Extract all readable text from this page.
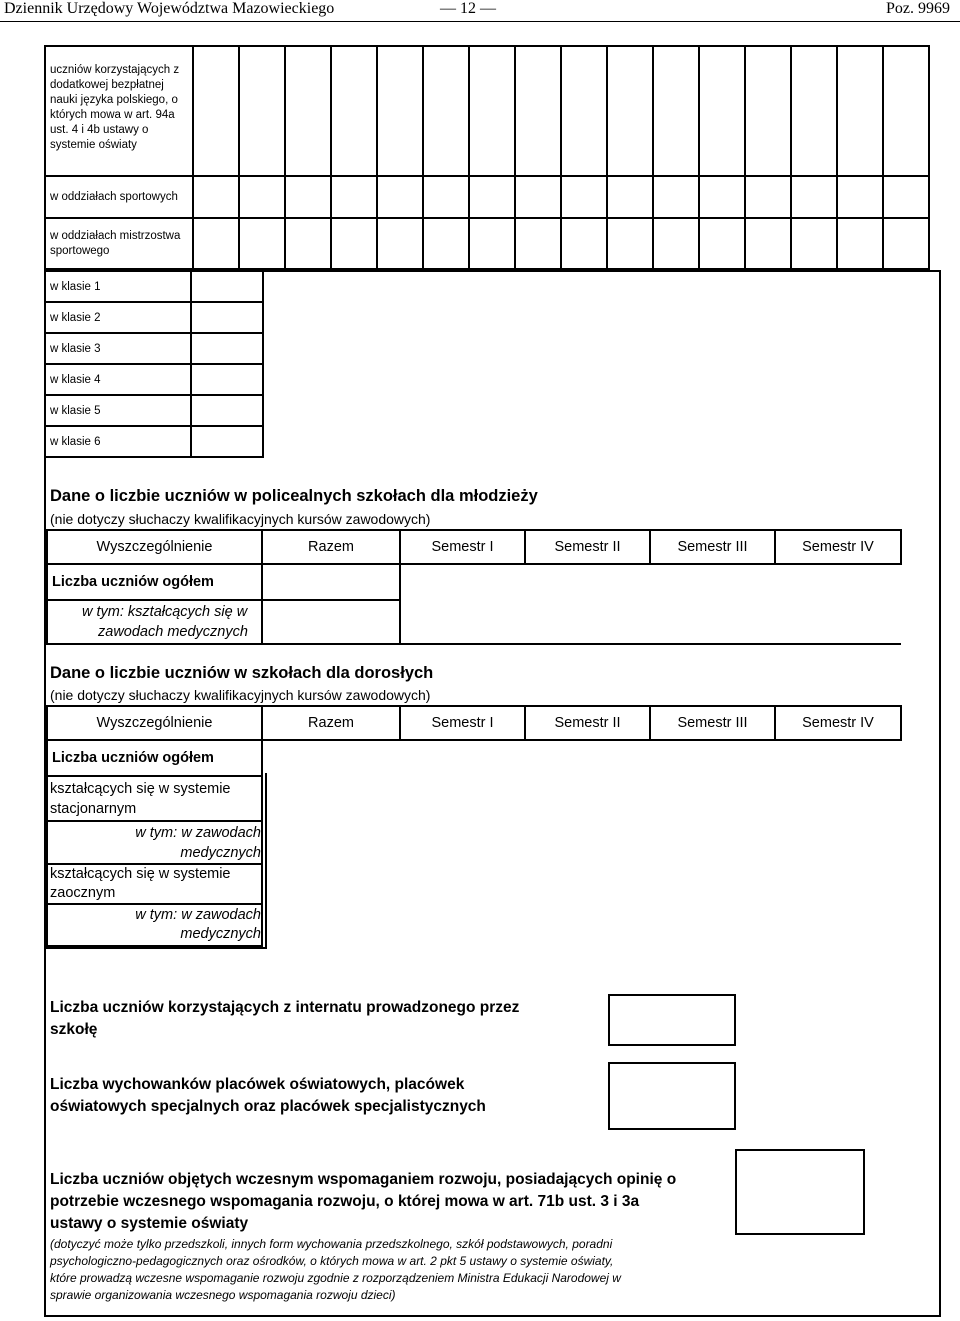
Dziennik Urzędowy Województwa Mazowieckiego	— 12 —	Poz. 9969
uczniów korzystających z dodatkowej bezpłatnej nauki języka polskiego, o których mowa w art. 94a ust. 4 i 4b ustawy o systemie oświaty																
w oddziałach sportowych																
w oddziałach mistrzostwa sportowego																
w klasie 1	
w klasie 2	
w klasie 3	
w klasie 4	
w klasie 5	
w klasie 6	
Dane o liczbie uczniów w policealnych szkołach dla młodzieży
(nie dotyczy słuchaczy kwalifikacyjnych kursów zawodowych)
Wyszczególnienie	Razem	Semestr I	Semestr II	Semestr III	Semestr IV
Liczba uczniów ogółem					

w tym: kształcących się w
zawodach medycznych					

Dane o liczbie uczniów w szkołach dla dorosłych
(nie dotyczy słuchaczy kwalifikacyjnych kursów zawodowych)
Wyszczególnienie	Razem	Semestr I	Semestr II	Semestr III	Semestr IV
Liczba uczniów ogółem					

kształcących się w systemie
stacjonarnym					

w tym: w zawodach
medycznych					

kształcących się w systemie
zaocznym					

w tym: w zawodach
medycznych					
Liczba uczniów korzystających z internatu prowadzonego przez
szkołę
Liczba wychowanków placówek oświatowych, placówek
oświatowych specjalnych oraz placówek specjalistycznych
Liczba uczniów objętych wczesnym wspomaganiem rozwoju, posiadających opinię o
potrzebie wczesnego wspomagania rozwoju, o której mowa w art. 71b ust. 3 i 3a
ustawy o systemie oświaty
(dotyczyć może tylko przedszkoli, innych form wychowania przedszkolnego, szkół podstawowych, poradni
psychologiczno-pedagogicznych oraz ośrodków, o których mowa w art. 2 pkt 5 ustawy o systemie oświaty,
które prowadzą wczesne wspomaganie rozwoju zgodnie z rozporządzeniem Ministra Edukacji Narodowej w
sprawie organizowania wczesnego wspomagania rozwoju dzieci)
